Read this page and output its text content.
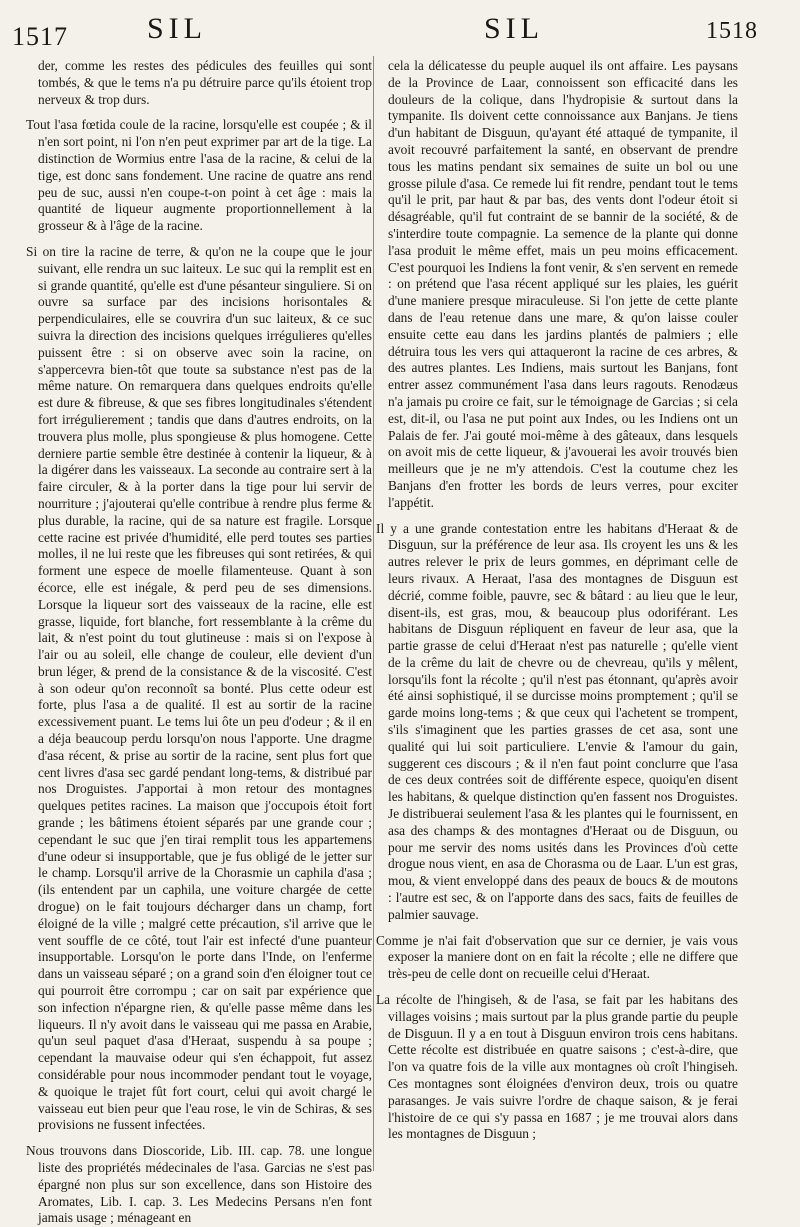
1517	SIL	SIL	1518

der, comme les restes des pédicules des feuilles qui sont tombés, & que le tems n'a pu détruire parce qu'ils étoient trop nerveux & trop durs.

Tout l'asa fœtida coule de la racine, lorsqu'elle est coupée ; & il n'en sort point, ni l'on n'en peut exprimer par art de la tige. La distinction de Wormius entre l'asa de la racine, & celui de la tige, est donc sans fondement. Une racine de quatre ans rend peu de suc, aussi n'en coupe-t-on point à cet âge : mais la quantité de liqueur augmente proportionnellement à la grosseur & à l'âge de la racine.

Si on tire la racine de terre, & qu'on ne la coupe que le jour suivant, elle rendra un suc laiteux. Le suc qui la remplit est en si grande quantité, qu'elle est d'une pésanteur singuliere. Si on ouvre sa surface par des incisions horisontales & perpendiculaires, elle se couvrira d'un suc laiteux, & ce suc suivra la direction des incisions quelques irrégulieres qu'elles puissent être : si on observe avec soin la racine, on s'appercevra bien-tôt que toute sa substance n'est pas de la même nature. On remarquera dans quelques endroits qu'elle est dure & fibreuse, & que ses fibres longitudinales s'étendent fort irrégulierement ; tandis que dans d'autres endroits, on la trouvera plus molle, plus spongieuse & plus homogene. Cette derniere partie semble être destinée à contenir la liqueur, & à la digérer dans les vaisseaux. La seconde au contraire sert à la faire circuler, & à la porter dans la tige pour lui servir de nourriture ; j'ajouterai qu'elle contribue à rendre plus ferme & plus durable, la racine, qui de sa nature est fragile. Lorsque cette racine est privée d'humidité, elle perd toutes ses parties molles, il ne lui reste que les fibreuses qui sont retirées, & qui forment une espece de moelle filamenteuse. Quant à son écorce, elle est inégale, & perd peu de ses dimensions. Lorsque la liqueur sort des vaisseaux de la racine, elle est grasse, liquide, fort blanche, fort ressemblante à la crême du lait, & n'est point du tout glutineuse : mais si on l'expose à l'air ou au soleil, elle change de couleur, elle devient d'un brun léger, & prend de la consistance & de la viscosité. C'est à son odeur qu'on reconnoît sa bonté. Plus cette odeur est forte, plus l'asa a de qualité. Il est au sortir de la racine excessivement puant. Le tems lui ôte un peu d'odeur ; & il en a déja beaucoup perdu lorsqu'on nous l'apporte. Une dragme d'asa récent, & prise au sortir de la racine, sent plus fort que cent livres d'asa sec gardé pendant long-tems, & distribué par nos Droguistes. J'apportai à mon retour des montagnes quelques petites racines. La maison que j'occupois étoit fort grande ; les bâtimens étoient séparés par une grande cour ; cependant le suc que j'en tirai remplit tous les appartemens d'une odeur si insupportable, que je fus obligé de le jetter sur le champ. Lorsqu'il arrive de la Chorasmie un caphila d'asa ; (ils entendent par un caphila, une voiture chargée de cette drogue) on le fait toujours décharger dans un champ, fort éloigné de la ville ; malgré cette précaution, s'il arrive que le vent souffle de ce côté, tout l'air est infecté d'une puanteur insupportable. Lorsqu'on le porte dans l'Inde, on l'enferme dans un vaisseau séparé ; on a grand soin d'en éloigner tout ce qui pourroit être corrompu ; car on sait par expérience que son infection n'épargne rien, & qu'elle passe même dans les liqueurs. Il n'y avoit dans le vaisseau qui me passa en Arabie, qu'un seul paquet d'asa d'Heraat, suspendu à sa poupe ; cependant la mauvaise odeur qui s'en échappoit, fut assez considérable pour nous incommoder pendant tout le voyage, & quoique le trajet fût fort court, celui qui avoit chargé le vaisseau eut bien peur que l'eau rose, le vin de Schiras, & ses provisions ne fussent infectées.

Nous trouvons dans Dioscoride, Lib. III. cap. 78. une longue liste des propriétés médecinales de l'asa. Garcias ne s'est pas épargné non plus sur son excellence, dans son Histoire des Aromates, Lib. I. cap. 3. Les Medecins Persans n'en font jamais usage ; ménageant en

cela la délicatesse du peuple auquel ils ont affaire. Les paysans de la Province de Laar, connoissent son efficacité dans les douleurs de la colique, dans l'hydropisie & surtout dans la tympanite. Ils doivent cette connoissance aux Banjans. Je tiens d'un habitant de Disguun, qu'ayant été attaqué de tympanite, il avoit recouvré parfaitement la santé, en observant de prendre tous les matins pendant six semaines de suite un bol ou une grosse pilule d'asa. Ce remede lui fit rendre, pendant tout le tems qu'il le prit, par haut & par bas, des vents dont l'odeur étoit si désagréable, qu'il fut contraint de se bannir de la société, & de s'interdire toute compagnie. La semence de la plante qui donne l'asa produit le même effet, mais un peu moins efficacement. C'est pourquoi les Indiens la font venir, & s'en servent en remede : on prétend que l'asa récent appliqué sur les plaies, les guérit d'une maniere presque miraculeuse. Si l'on jette de cette plante dans de l'eau retenue dans une mare, & qu'on laisse couler ensuite cette eau dans les jardins plantés de palmiers ; elle détruira tous les vers qui attaqueront la racine de ces arbres, & des autres plantes. Les Indiens, mais surtout les Banjans, font entrer assez communément l'asa dans leurs ragouts. Renodæus n'a jamais pu croire ce fait, sur le témoignage de Garcias ; si cela est, dit-il, ou l'asa ne put point aux Indes, ou les Indiens ont un Palais de fer. J'ai gouté moi-même à des gâteaux, dans lesquels on avoit mis de cette liqueur, & j'avouerai les avoir trouvés bien meilleurs que je ne m'y attendois. C'est la coutume chez les Banjans d'en frotter les bords de leurs verres, pour exciter l'appétit.

Il y a une grande contestation entre les habitans d'Heraat & de Disguun, sur la préférence de leur asa. Ils croyent les uns & les autres relever le prix de leurs gommes, en déprimant celle de leurs rivaux. A Heraat, l'asa des montagnes de Disguun est décrié, comme foible, pauvre, sec & bâtard : au lieu que le leur, disent-ils, est gras, mou, & beaucoup plus odoriférant. Les habitans de Disguun répliquent en faveur de leur asa, que la partie grasse de celui d'Heraat n'est pas naturelle ; qu'elle vient de la crême du lait de chevre ou de chevreau, qu'ils y mêlent, lorsqu'ils font la récolte ; qu'il n'est pas étonnant, qu'après avoir été ainsi sophistiqué, il se durcisse moins promptement ; qu'il se garde moins long-tems ; & que ceux qui l'achetent se trompent, s'ils s'imaginent que les parties grasses de cet asa, sont une qualité qui lui soit particuliere. L'envie & l'amour du gain, suggerent ces discours ; & il n'en faut point conclurre que l'asa de ces deux contrées soit de différente espece, quoiqu'en disent les habitans, & quelque distinction qu'en fassent nos Droguistes. Je distribuerai seulement l'asa & les plantes qui le fournissent, en asa des champs & des montagnes d'Heraat ou de Disguun, ou pour me servir des noms usités dans les Provinces d'où cette drogue nous vient, en asa de Chorasma ou de Laar. L'un est gras, mou, & vient enveloppé dans des peaux de boucs & de moutons : l'autre est sec, & on l'apporte dans des sacs, faits de feuilles de palmier sauvage.

Comme je n'ai fait d'observation que sur ce dernier, je vais vous exposer la maniere dont on en fait la récolte ; elle ne differe que très-peu de celle dont on recueille celui d'Heraat.

La récolte de l'hingiseh, & de l'asa, se fait par les habitans des villages voisins ; mais surtout par la plus grande partie du peuple de Disguun. Il y a en tout à Disguun environ trois cens habitans. Cette récolte est distribuée en quatre saisons ; c'est-à-dire, que l'on va quatre fois de la ville aux montagnes où croît l'hingiseh. Ces montagnes sont éloignées d'environ deux, trois ou quatre parasanges. Je vais suivre l'ordre de chaque saison, & je ferai l'histoire de ce qui s'y passa en 1687 ; je me trouvai alors dans les montagnes de Disguun ;
